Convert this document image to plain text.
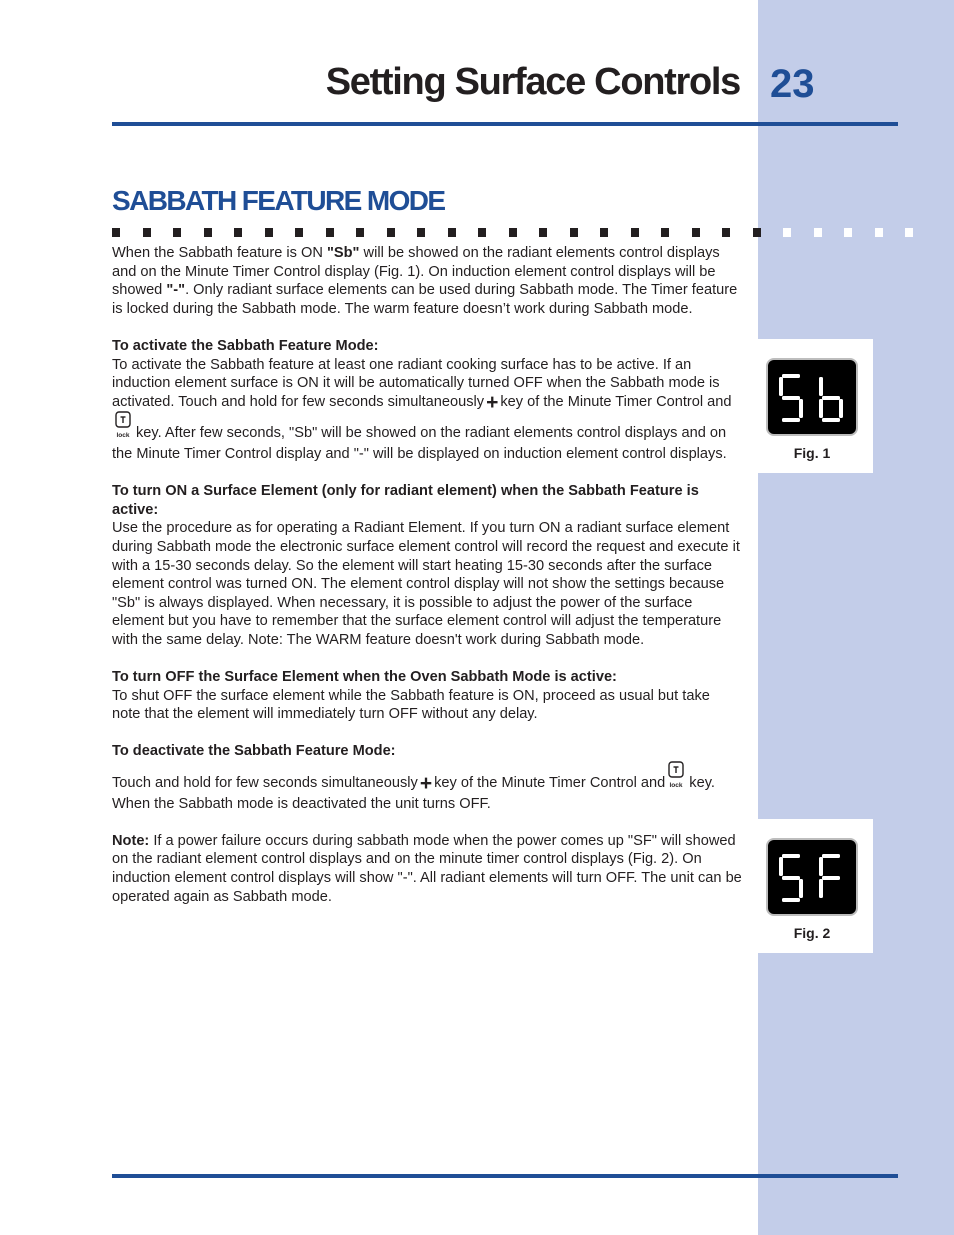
Setting Surface Controls 23
SABBATH FEATURE MODE

When the Sabbath feature is ON "Sb" will be showed on the radiant elements control displays and on the Minute Timer Control display (Fig. 1). On induction element control displays will be showed "-". Only radiant surface elements can be used during Sabbath mode. The Timer feature is locked during the Sabbath mode. The warm feature doesn’t work during Sabbath mode.

To activate the Sabbath Feature Mode:

To activate the Sabbath feature at least one radiant cooking surface has to be active. If an induction element surface is ON it will be automatically turned OFF when the Sabbath mode is activated. Touch and hold for few seconds simultaneously+ key of the Minute Timer Control and
lock key. After few seconds, "Sb" will be showed on the radiant elements control displays and on the Minute Timer Control display and "-" will be displayed on induction element control displays.

To turn ON a Surface Element (only for radiant element) when the Sabbath Feature is active:

Use the procedure as for operating a Radiant Element. If you turn ON a radiant surface element during Sabbath mode the electronic surface element control will record the request and execute it with a 15-30 seconds delay. So the element will start heating 15-30 seconds after the surface element control was turned ON. The element control display will not show the settings because "Sb" is always displayed. When necessary, it is possible to adjust the power of the surface element but you have to remember that the surface element control will adjust the temperature with the same delay. Note: The WARM feature doesn't work during Sabbath mode.

To turn OFF the Surface Element when the Oven Sabbath Mode is active:

To shut OFF the surface element while the Sabbath feature is ON, proceed as usual but take note that the element will immediately turn OFF without any delay.

To deactivate the Sabbath Feature Mode:

Touch and hold for few seconds simultaneously+ key of the Minute Timer Control and lock key. When the Sabbath mode is deactivated the unit turns OFF.

Note: If a power failure occurs during sabbath mode when the power comes up "SF" will showed on the radiant element control displays and on the minute timer control displays (Fig. 2). On induction element control displays will show "-". All radiant elements will turn OFF. The unit can be operated again as Sabbath mode.

Fig. 1
Fig. 2
